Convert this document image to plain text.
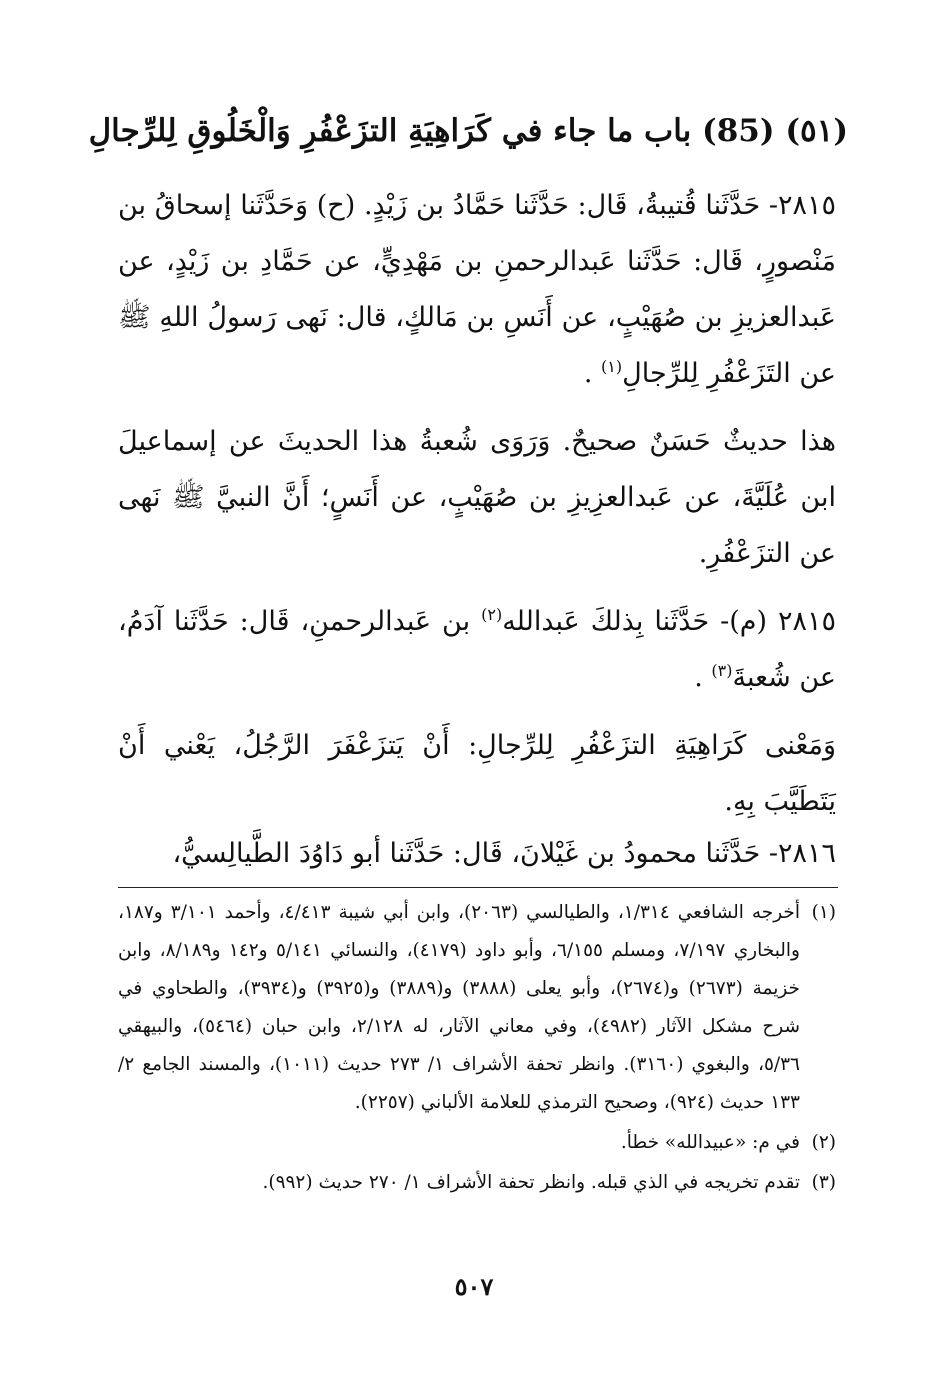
(٥١) (85) باب ما جاء في كَرَاهِيَةِ التزَعْفُرِ وَالْخَلُوقِ لِلرِّجالِ

٢٨١٥- حَدَّثَنا قُتيبةُ، قَال: حَدَّثَنا حَمَّادُ بن زَيْدٍ. (ح) وَحَدَّثَنا إسحاقُ بن مَنْصورٍ، قَال: حَدَّثَنا عَبدالرحمنِ بن مَهْدِيٍّ، عن حَمَّادِ بن زَيْدٍ، عن عَبدالعزيزِ بن صُهَيْبٍ، عن أَنَسِ بن مَالكٍ، قال: نَهى رَسولُ اللهِ ﷺ عن التَزَعْفُرِ لِلرِّجالِ$^{(١)}$ .

هذا حديثٌ حَسَنٌ صحيحٌ. وَرَوَى شُعبةُ هذا الحديثَ عن إسماعيلَ ابن عُلَيَّةَ، عن عَبدالعزِيزِ بن صُهَيْبٍ، عن أَنَسٍ؛ أَنَّ النبيَّ ﷺ نَهى عن التزَعْفُرِ.

٢٨١٥ (م)- حَدَّثَنا بِذلكَ عَبدالله$^{(٢)}$ بن عَبدالرحمنِ، قَال: حَدَّثَنا آدَمُ، عن شُعبةَ$^{(٣)}$ .

وَمَعْنى كَرَاهِيَةِ التزَعْفُرِ لِلرِّجالِ: أَنْ يَتزَعْفَرَ الرَّجُلُ، يَعْني أَنْ يَتَطَيَّبَ بِهِ.

٢٨١٦- حَدَّثَنا محمودُ بن غَيْلانَ، قَال: حَدَّثَنا أبو دَاوُدَ الطَّيالِسيُّ،
(١)
أخرجه الشافعي ١/٣١٤، والطيالسي (٢٠٦٣)، وابن أبي شيبة ٤/٤١٣، وأحمد ٣/١٠١ و١٨٧، والبخاري ٧/١٩٧، ومسلم ٦/١٥٥، وأبو داود (٤١٧٩)، والنسائي ٥/١٤١ و١٤٢ و٨/١٨٩، وابن خزيمة (٢٦٧٣) و(٢٦٧٤)، وأبو يعلى (٣٨٨٨) و(٣٨٨٩) و(٣٩٢٥) و(٣٩٣٤)، والطحاوي في شرح مشكل الآثار (٤٩٨٢)، وفي معاني الآثار، له ٢/١٢٨، وابن حبان (٥٤٦٤)، والبيهقي ٥/٣٦، والبغوي (٣١٦٠). وانظر تحفة الأشراف ١/ ٢٧٣ حديث (١٠١١)، والمسند الجامع ٢/ ١٣٣ حديث (٩٢٤)، وصحيح الترمذي للعلامة الألباني (٢٢٥٧).
(٢)
في م: «عبيدالله» خطأ.
(٣)
تقدم تخريجه في الذي قبله. وانظر تحفة الأشراف ١/ ٢٧٠ حديث (٩٩٢).
٥٠٧
